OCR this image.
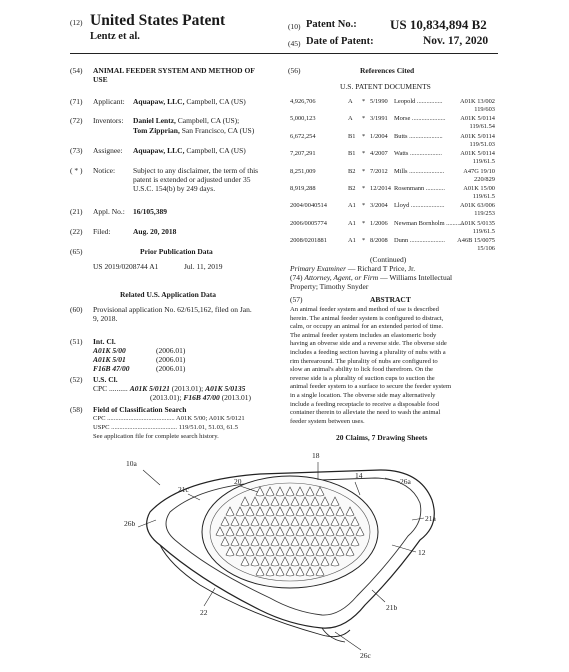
(12) United States Patent
Lentz et al.
(10) Patent No.:	US 10,834,894 B2
(45) Date of Patent:	Nov. 17, 2020
(54) ANIMAL FEEDER SYSTEM AND METHOD OF USE
(71) Applicant: Aquapaw, LLC, Campbell, CA (US)
(72) Inventors: Daniel Lentz, Campbell, CA (US);
Tom Zipprian, San Francisco, CA (US)
(73) Assignee: Aquapaw, LLC, Campbell, CA (US)
( * ) Notice: Subject to any disclaimer, the term of this
patent is extended or adjusted under 35
U.S.C. 154(b) by 249 days.
(21) Appl. No.: 16/105,389
(22) Filed:	Aug. 20, 2018
(65)	Prior Publication Data
US 2019/0208744 A1	Jul. 11, 2019
Related U.S. Application Data
(60) Provisional application No. 62/615,162, filed on Jan.
9, 2018.
(51) Int. Cl.
A01K 5/00	(2006.01)
A01K 5/01	(2006.01)
F16B 47/00	(2006.01)
(52) U.S. Cl.
CPC .......... A01K 5/0121 (2013.01); A01K 5/0135
(2013.01); F16B 47/00 (2013.01)
(58) Field of Classification Search
CPC ......................................... A01K 5/00; A01K 5/0121
USPC ........................................ 119/51.01, 51.03, 61.5
See application file for complete search history.
(56)	References Cited
U.S. PATENT DOCUMENTS
4,926,706	A * 5/1990 Leopold ................	A01K 13/002
119/603
5,000,123	A * 3/1991 Morse ..................... A01K 5/0114
119/61.54
6,672,254	B1 * 1/2004 Butts .....................	A01K 5/0114
119/51.03
7,207,291	B1 * 4/2007 Watts ....................	A01K 5/0114
119/61.5
8,251,009	B2 * 7/2012 Mills ......................	A47G 19/10
220/829
8,919,288	B2 * 12/2014 Rosenmann ............	A01K 15/00
119/61.5
2004/0040514	A1 * 3/2004 Lloyd ..................... A01K 63/006
119/253
2006/0005774	A1 * 1/2006 Newman Bornholm ...........
A01K 5/0135
119/61.5
2008/0201881	A1 * 8/2008 Dunn ...................... A46B 15/0075
15/106
(Continued)
Primary Examiner — Richard T Price, Jr.
(74) Attorney, Agent, or Firm — Williams Intellectual
Property; Timothy Snyder
(57)	ABSTRACT
An animal feeder system and method of use is described
herein. The animal feeder system is configured to distract,
calm, or occupy an animal for an extended period of time.
The animal feeder system includes an elastomeric body
having an obverse side and a reverse side. The obverse side
includes a feeding section having a plurality of nubs with a
rim therearound. The plurality of nubs are configured to
slow an animal's ability to lick food therefrom. On the
reverse side is a plurality of suction cups to suction the
animal feeder system to a surface to secure the feeder system
in a single location. The obverse side may alternatively
include a feeding receptacle to receive a disposable food
container therein to alleviate the need to wash the animal
feeder system between uses.
20 Claims, 7 Drawing Sheets
10a
18
20
14
26a
21c
21a
26b
12
22
21b
26c
